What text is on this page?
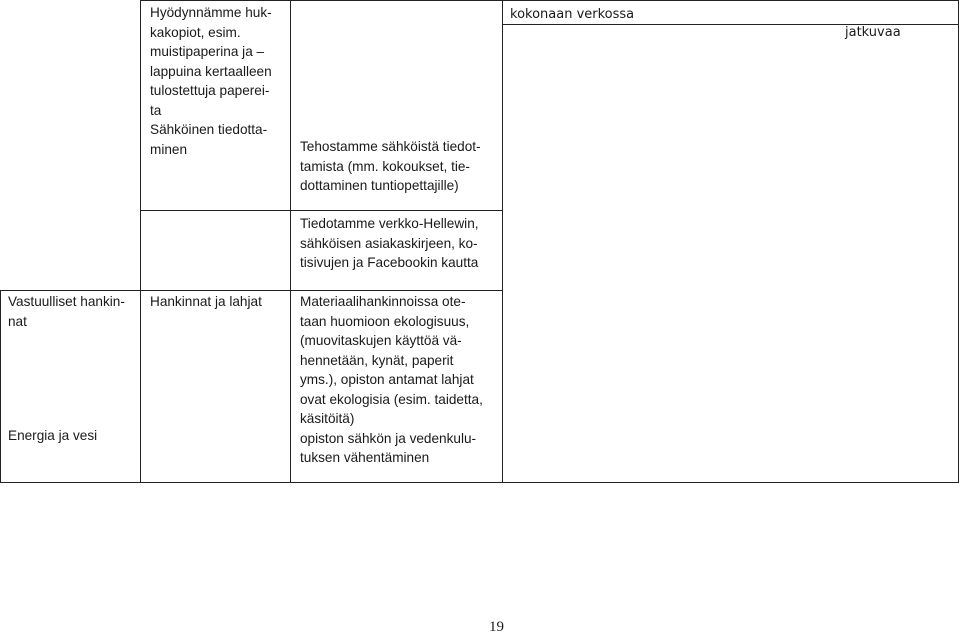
Hyödynnämme huk-
kakopiot, esim.
muistipaperina ja –
lappuina kertaalleen
tulostettuja paperei-
ta
Sähköinen tiedotta-
minen	Tehostamme sähköistä tiedot-
tamista (mm. kokoukset, tie-
dottaminen tuntiopettajille)

kokonaan verkossa

jatkuvaa

Tiedotamme verkko-Hellewin,
sähköisen asiakaskirjeen, ko-
tisivujen ja Facebookin kautta

Vastuulliset hankin-
nat

Energia ja vesi

Hankinnat ja lahjat	Materiaalihankinnoissa ote-
taan huomioon ekologisuus,
(muovitaskujen käyttöä vä-
hennetään, kynät, paperit
yms.), opiston antamat lahjat
ovat ekologisia (esim. taidetta,
käsitöitä)
opiston sähkön ja vedenkulu-
tuksen vähentäminen

19
